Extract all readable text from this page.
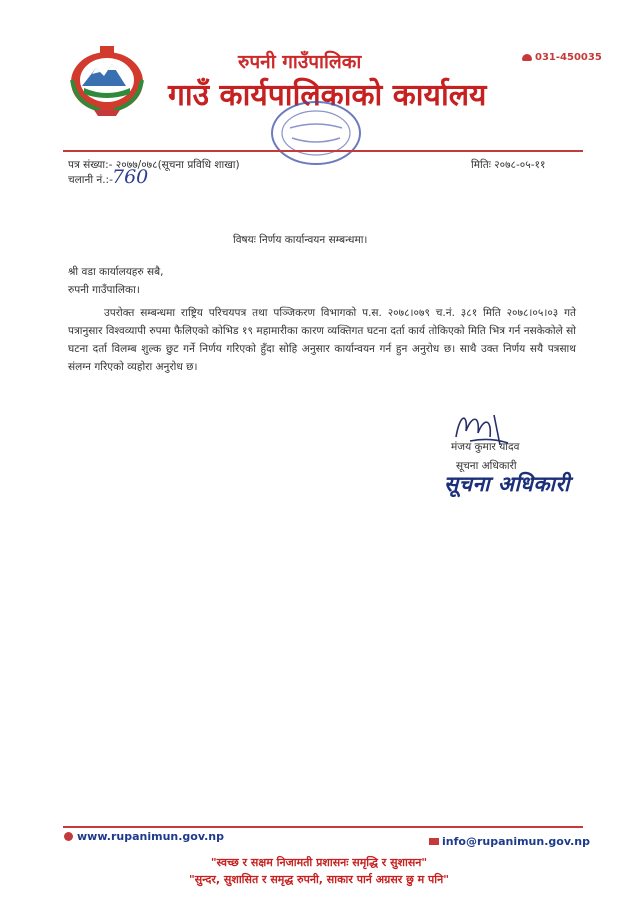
रुपनी गाउँपालिका
गाउँ कार्यपालिकाको कार्यालय
031-450035
पत्र संख्या:- २०७७/०७८(सूचना प्रविधि शाखा)	मितिः २०७८-०५-११
चलानी नं.:- 760
विषयः निर्णय कार्यान्वयन सम्बन्धमा।
श्री वडा कार्यालयहरु सबै,
रुपनी गाउँपालिका।
उपरोक्त सम्बन्धमा राष्ट्रिय परिचयपत्र तथा पञ्जिकरण विभागको प.स. २०७८।०७९ च.नं. ३८१ मिति २०७८।०५।०३ गते पत्रानुसार विश्वव्यापी रुपमा फैलिएको कोभिड १९ महामारीका कारण व्यक्तिगत घटना दर्ता कार्य तोकिएको मिति भित्र गर्न नसकेकोले सो घटना दर्ता विलम्ब शुल्क छुट गर्ने निर्णय गरिएको हुँदा सोहि अनुसार कार्यान्वयन गर्न हुन अनुरोध छ। साथै उक्त निर्णय सयै पत्रसाथ संलग्न गरिएको व्यहोरा अनुरोध छ।
मंजय कुमार यादव
सूचना अधिकारी
सूचना अधिकारी
www.rupanimun.gov.np	info@rupanimun.gov.np
"स्वच्छ र सक्षम निजामती प्रशासनः समृद्धि र सुशासन"
"सुन्दर, सुशासित र समृद्ध रुपनी, साकार पार्न अग्रसर छु म पनि"
